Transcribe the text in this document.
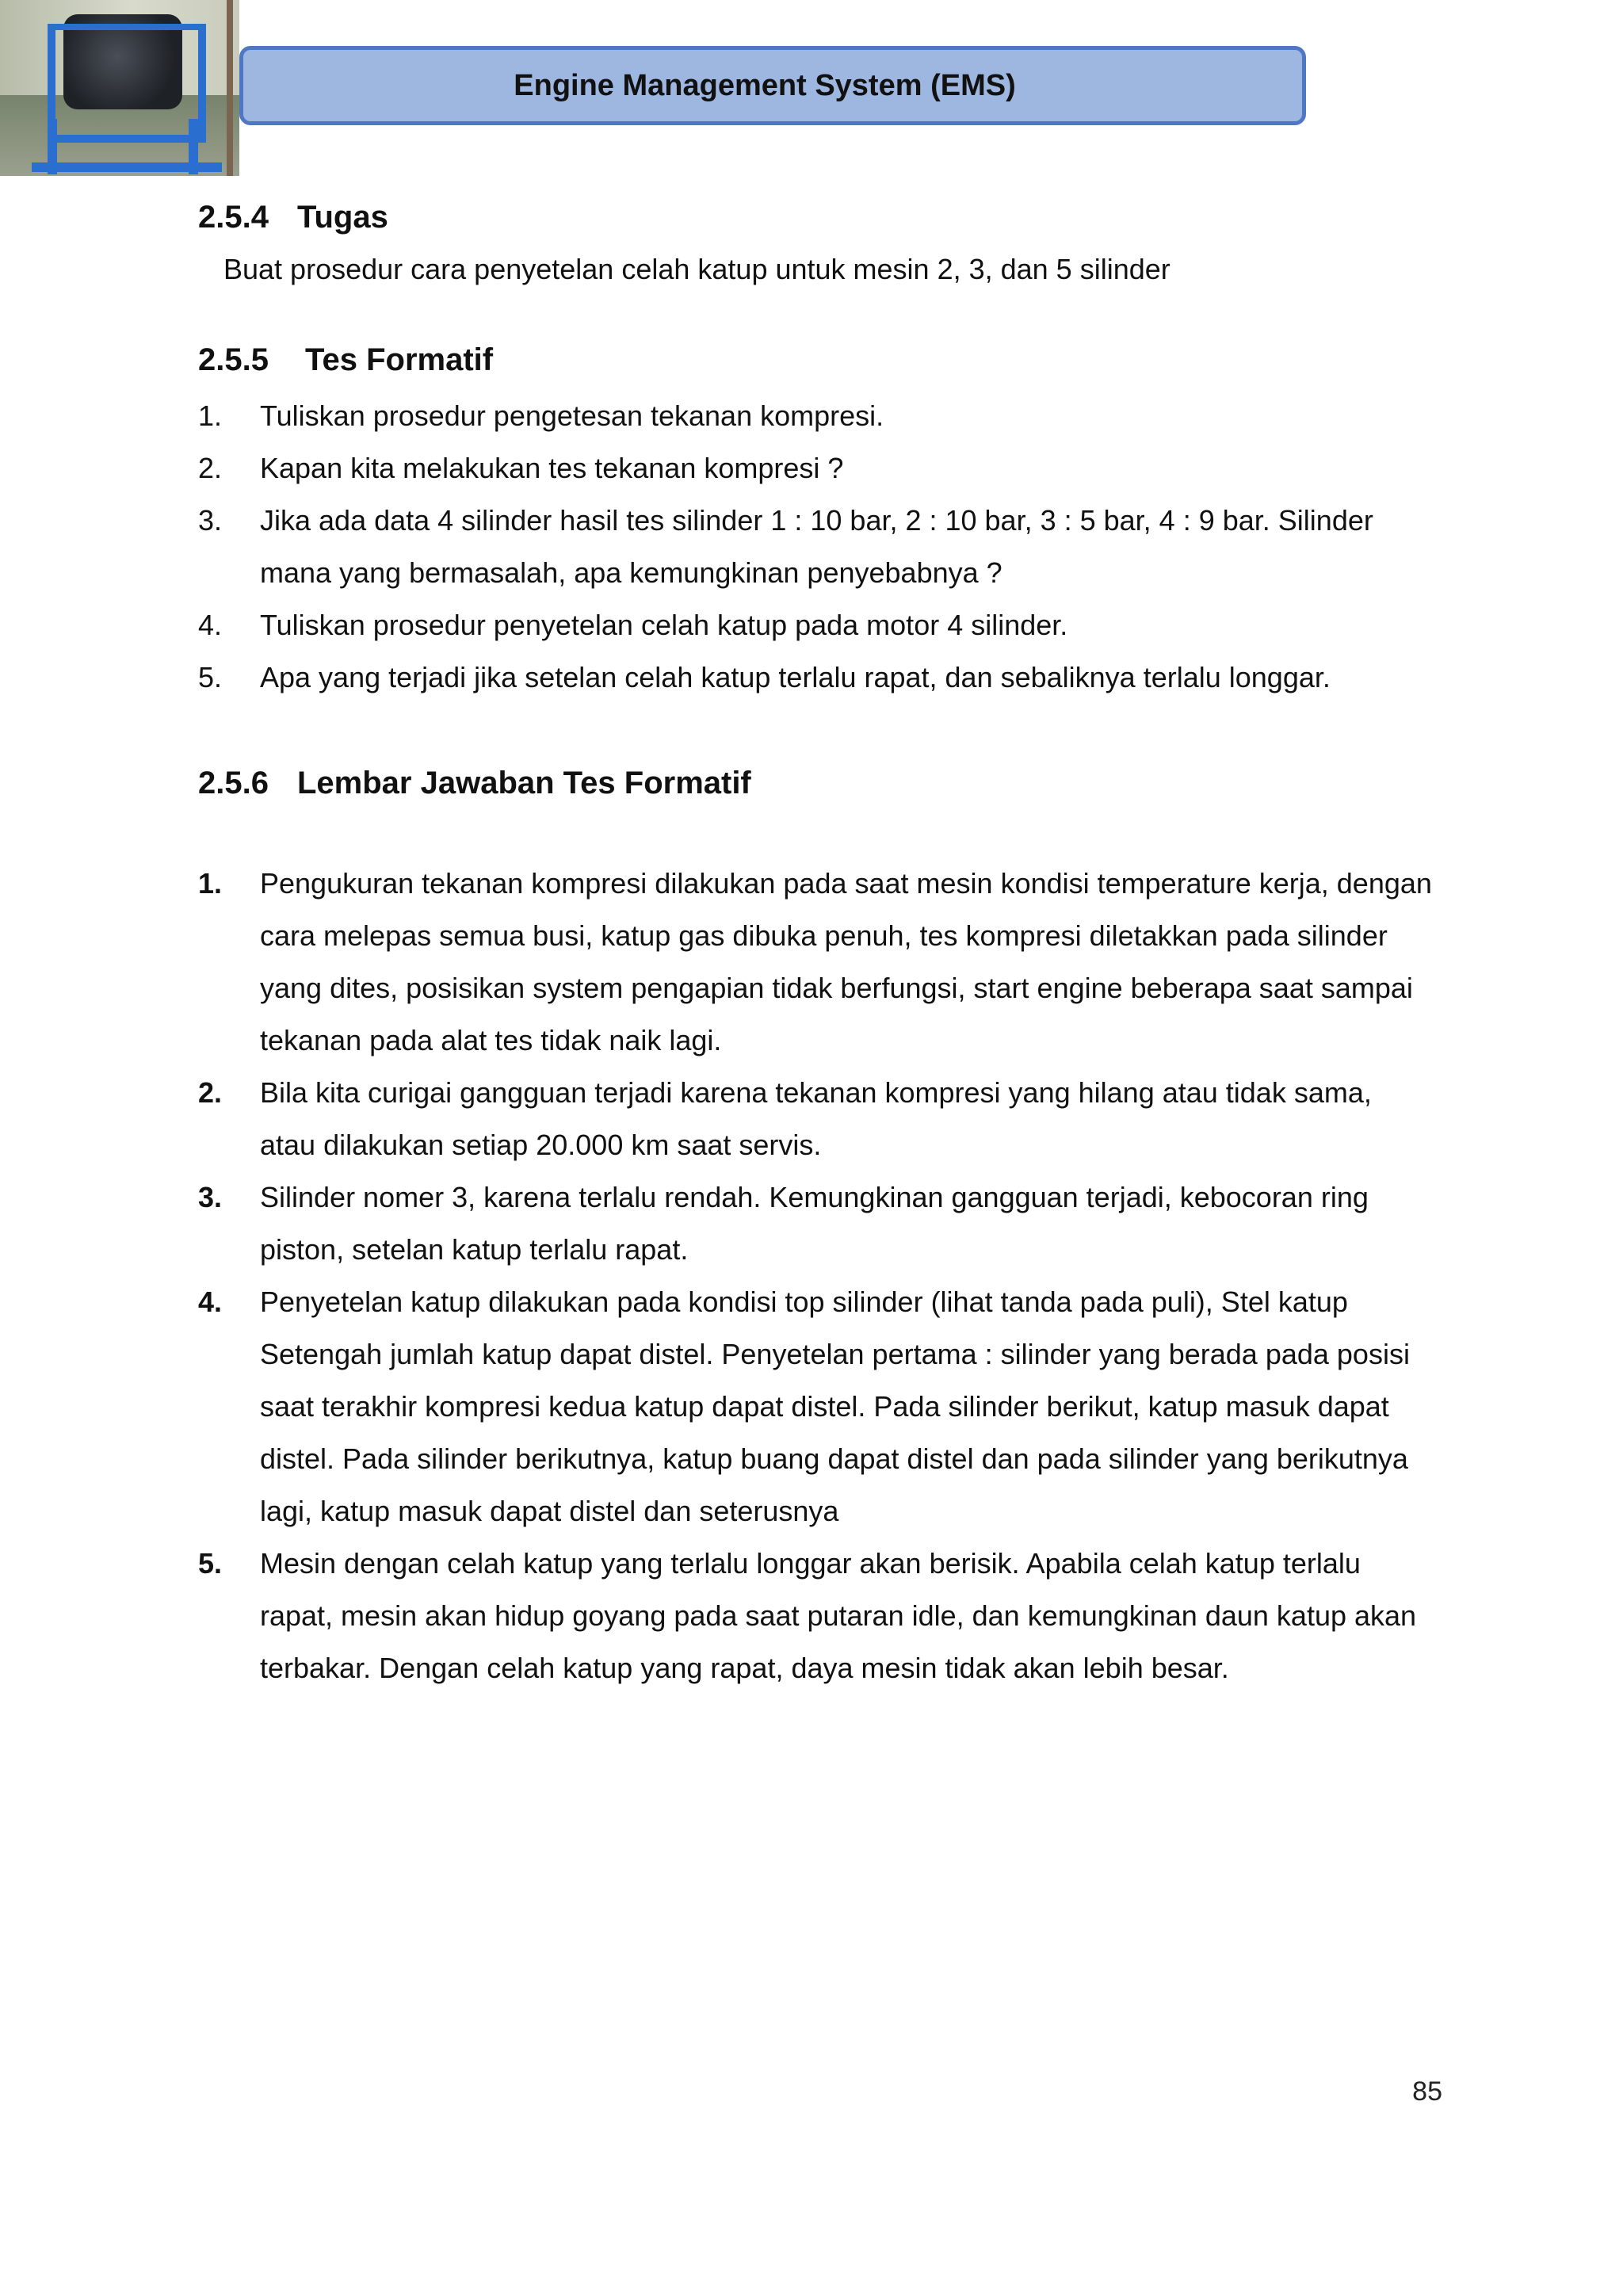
Engine Management System (EMS)
2.5.4 Tugas

Buat prosedur cara penyetelan celah katup untuk mesin 2, 3, dan 5 silinder

2.5.5 Tes Formatif
1.	Tuliskan prosedur pengetesan tekanan kompresi.
2.	Kapan kita melakukan tes tekanan kompresi ?
3.	Jika ada data 4 silinder hasil tes silinder 1 : 10 bar, 2 : 10 bar, 3 : 5 bar, 4 : 9 bar. Silinder mana yang bermasalah, apa kemungkinan penyebabnya ?
4.	Tuliskan prosedur penyetelan celah katup pada motor 4 silinder.
5.	Apa yang terjadi jika setelan celah katup terlalu rapat, dan sebaliknya terlalu longgar.
2.5.6 Lembar Jawaban Tes Formatif
1.	Pengukuran tekanan kompresi dilakukan pada saat mesin kondisi temperature kerja, dengan cara melepas semua busi, katup gas dibuka penuh, tes kompresi diletakkan pada silinder yang dites, posisikan system pengapian tidak berfungsi, start engine beberapa saat sampai tekanan pada alat tes tidak naik lagi.
2.	Bila kita curigai gangguan terjadi karena tekanan kompresi yang hilang atau tidak sama, atau dilakukan setiap 20.000 km saat servis.
3.	Silinder nomer 3, karena terlalu rendah. Kemungkinan gangguan terjadi, kebocoran ring piston, setelan katup terlalu rapat.
4.	Penyetelan katup dilakukan pada kondisi top silinder (lihat tanda pada puli), Stel katup Setengah jumlah katup dapat distel. Penyetelan pertama : silinder yang berada pada posisi saat terakhir kompresi kedua katup dapat distel. Pada silinder berikut, katup masuk dapat distel. Pada silinder berikutnya, katup buang dapat distel dan pada silinder yang berikutnya lagi, katup masuk dapat distel dan seterusnya
5.	Mesin dengan celah katup yang terlalu longgar akan berisik. Apabila celah katup terlalu rapat, mesin akan hidup goyang pada saat putaran idle, dan kemungkinan daun katup akan terbakar. Dengan celah katup yang rapat, daya mesin tidak akan lebih besar.
85
